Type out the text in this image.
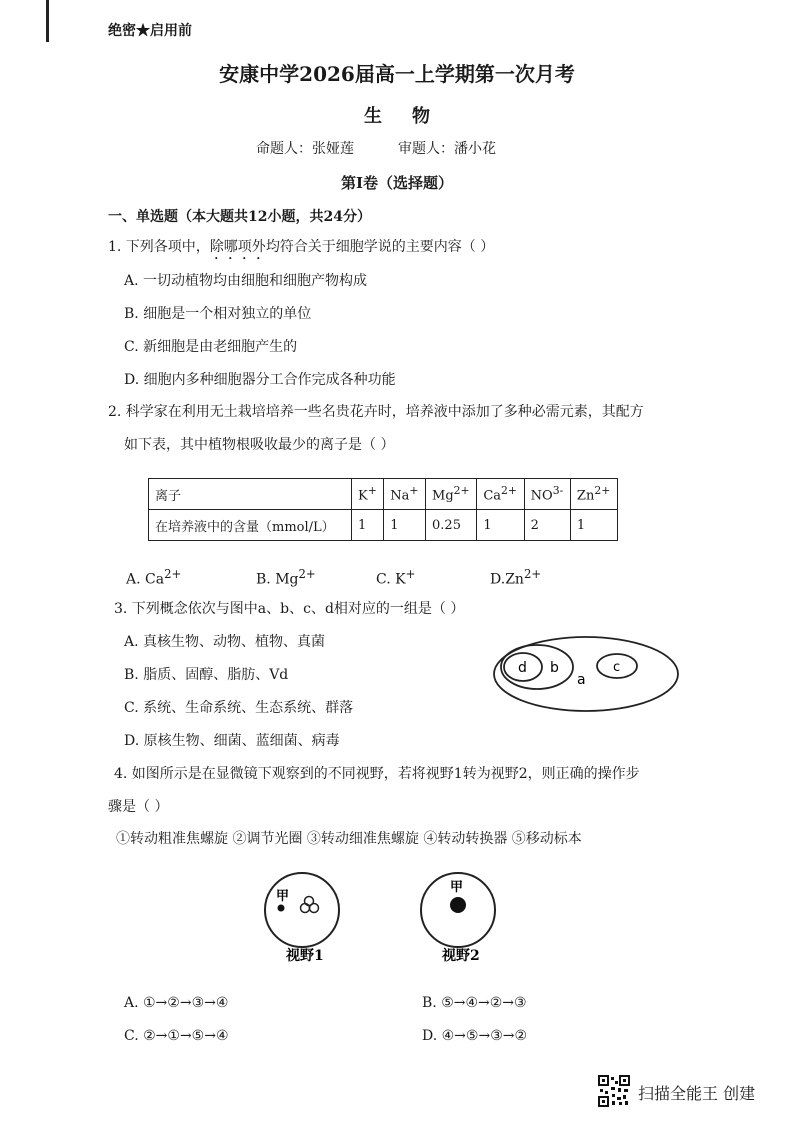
绝密★启用前
安康中学2026届高一上学期第一次月考
生物
命题人：张娅莲	审题人：潘小花
第I卷（选择题）
一、单选题（本大题共12小题，共24分）
1. 下列各项中，除哪项外均符合关于细胞学说的主要内容（ ）
A. 一切动植物均由细胞和细胞产物构成
B. 细胞是一个相对独立的单位
C. 新细胞是由老细胞产生的
D. 细胞内多种细胞器分工合作完成各种功能
2. 科学家在利用无土栽培培养一些名贵花卉时，培养液中添加了多种必需元素，其配方
如下表，其中植物根吸收最少的离子是（ ）
离子	K+	Na+	$Mg^{2+}$	$Ca^{2+}$	$NO^{3-}$	$Zn^{2+}$
在培养液中的含量（mmol/L）	1	1	0.25	1	2	1
A. $Ca^{2+}$	B. $Mg^{2+}$	C. K+	$D.Zn^{2+}$
3. 下列概念依次与图中a、b、c、d相对应的一组是（ ）
A. 真核生物、动物、植物、真菌
B. 脂质、固醇、脂肪、Vd
C. 系统、生命系统、生态系统、群落
D. 原核生物、细菌、蓝细菌、病毒
d b	c
a
4. 如图所示是在显微镜下观察到的不同视野，若将视野1转为视野2，则正确的操作步
骤是（ ）
①转动粗准焦螺旋 ②调节光圈 ③转动细准焦螺旋 ④转动转换器 ⑤移动标本
甲
视野1
甲
视野2
A. ①→②→③→④	B. ⑤→④→②→③
C. ②→①→⑤→④	D. ④→⑤→③→②
扫描全能王 创建
